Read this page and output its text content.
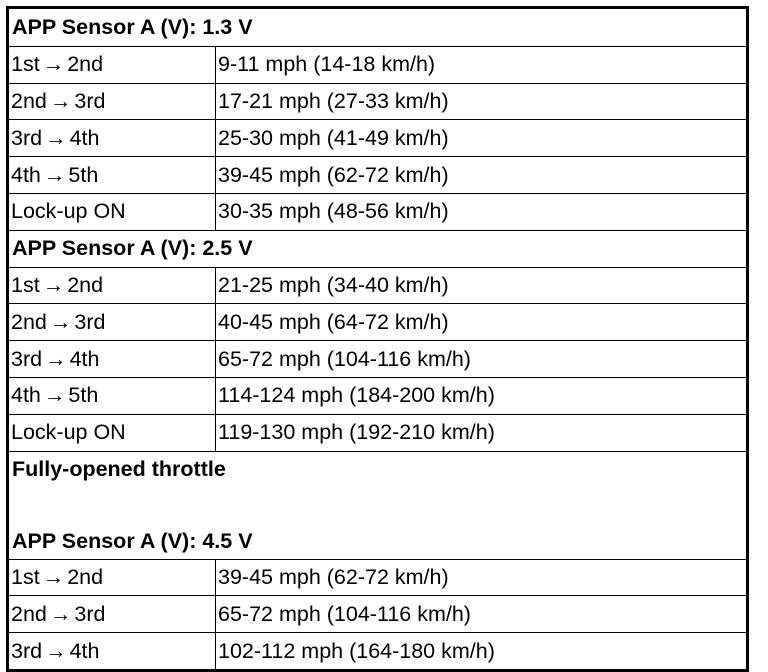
APP Sensor A (V): 1.3 V
1st → 2nd	9-11 mph (14-18 km/h)
2nd → 3rd	17-21 mph (27-33 km/h)
3rd → 4th	25-30 mph (41-49 km/h)
4th → 5th	39-45 mph (62-72 km/h)
Lock-up ON	30-35 mph (48-56 km/h)
APP Sensor A (V): 2.5 V
1st → 2nd	21-25 mph (34-40 km/h)
2nd → 3rd	40-45 mph (64-72 km/h)
3rd → 4th	65-72 mph (104-116 km/h)
4th → 5th	114-124 mph (184-200 km/h)
Lock-up ON	119-130 mph (192-210 km/h)
Fully-opened throttle
APP Sensor A (V): 4.5 V
1st → 2nd	39-45 mph (62-72 km/h)
2nd → 3rd	65-72 mph (104-116 km/h)
3rd → 4th	102-112 mph (164-180 km/h)
